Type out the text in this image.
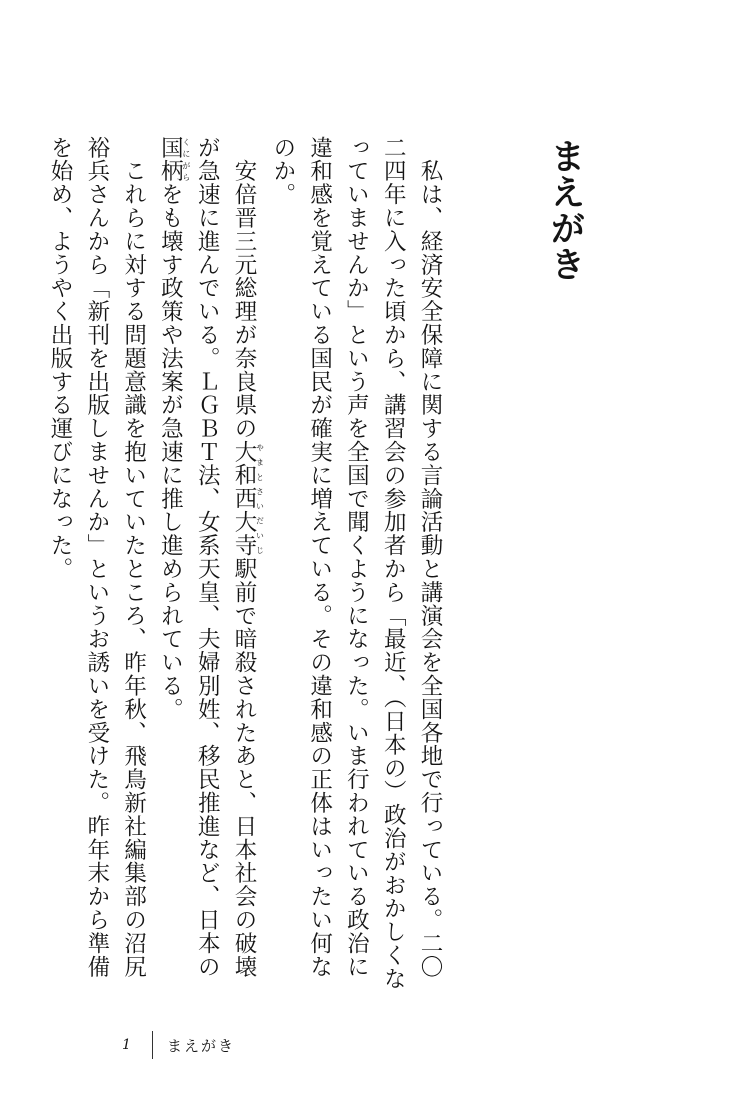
まえがき

　私は、経済安全保障に関する言論活動と講演会を全国各地で行っている。二〇二四年に入った頃から、講習会の参加者から「最近、（日本の）政治がおかしくなっていませんか」という声を全国で聞くようになった。いま行われている政治に違和感を覚えている国民が確実に増えている。その違和感の正体はいったい何なのか。

　安倍晋三元総理が奈良県の大和西大寺やまとさいだいじ駅前で暗殺されたあと、日本社会の破壊が急速に進んでいる。ＬＧＢＴ法、女系天皇、夫婦別姓、移民推進など、日本の国柄くにがらをも壊す政策や法案が急速に推し進められている。

　これらに対する問題意識を抱いていたところ、昨年秋、飛鳥新社編集部の沼尻裕兵さんから「新刊を出版しませんか」というお誘いを受けた。昨年末から準備を始め、ようやく出版する運びになった。

1	まえがき
